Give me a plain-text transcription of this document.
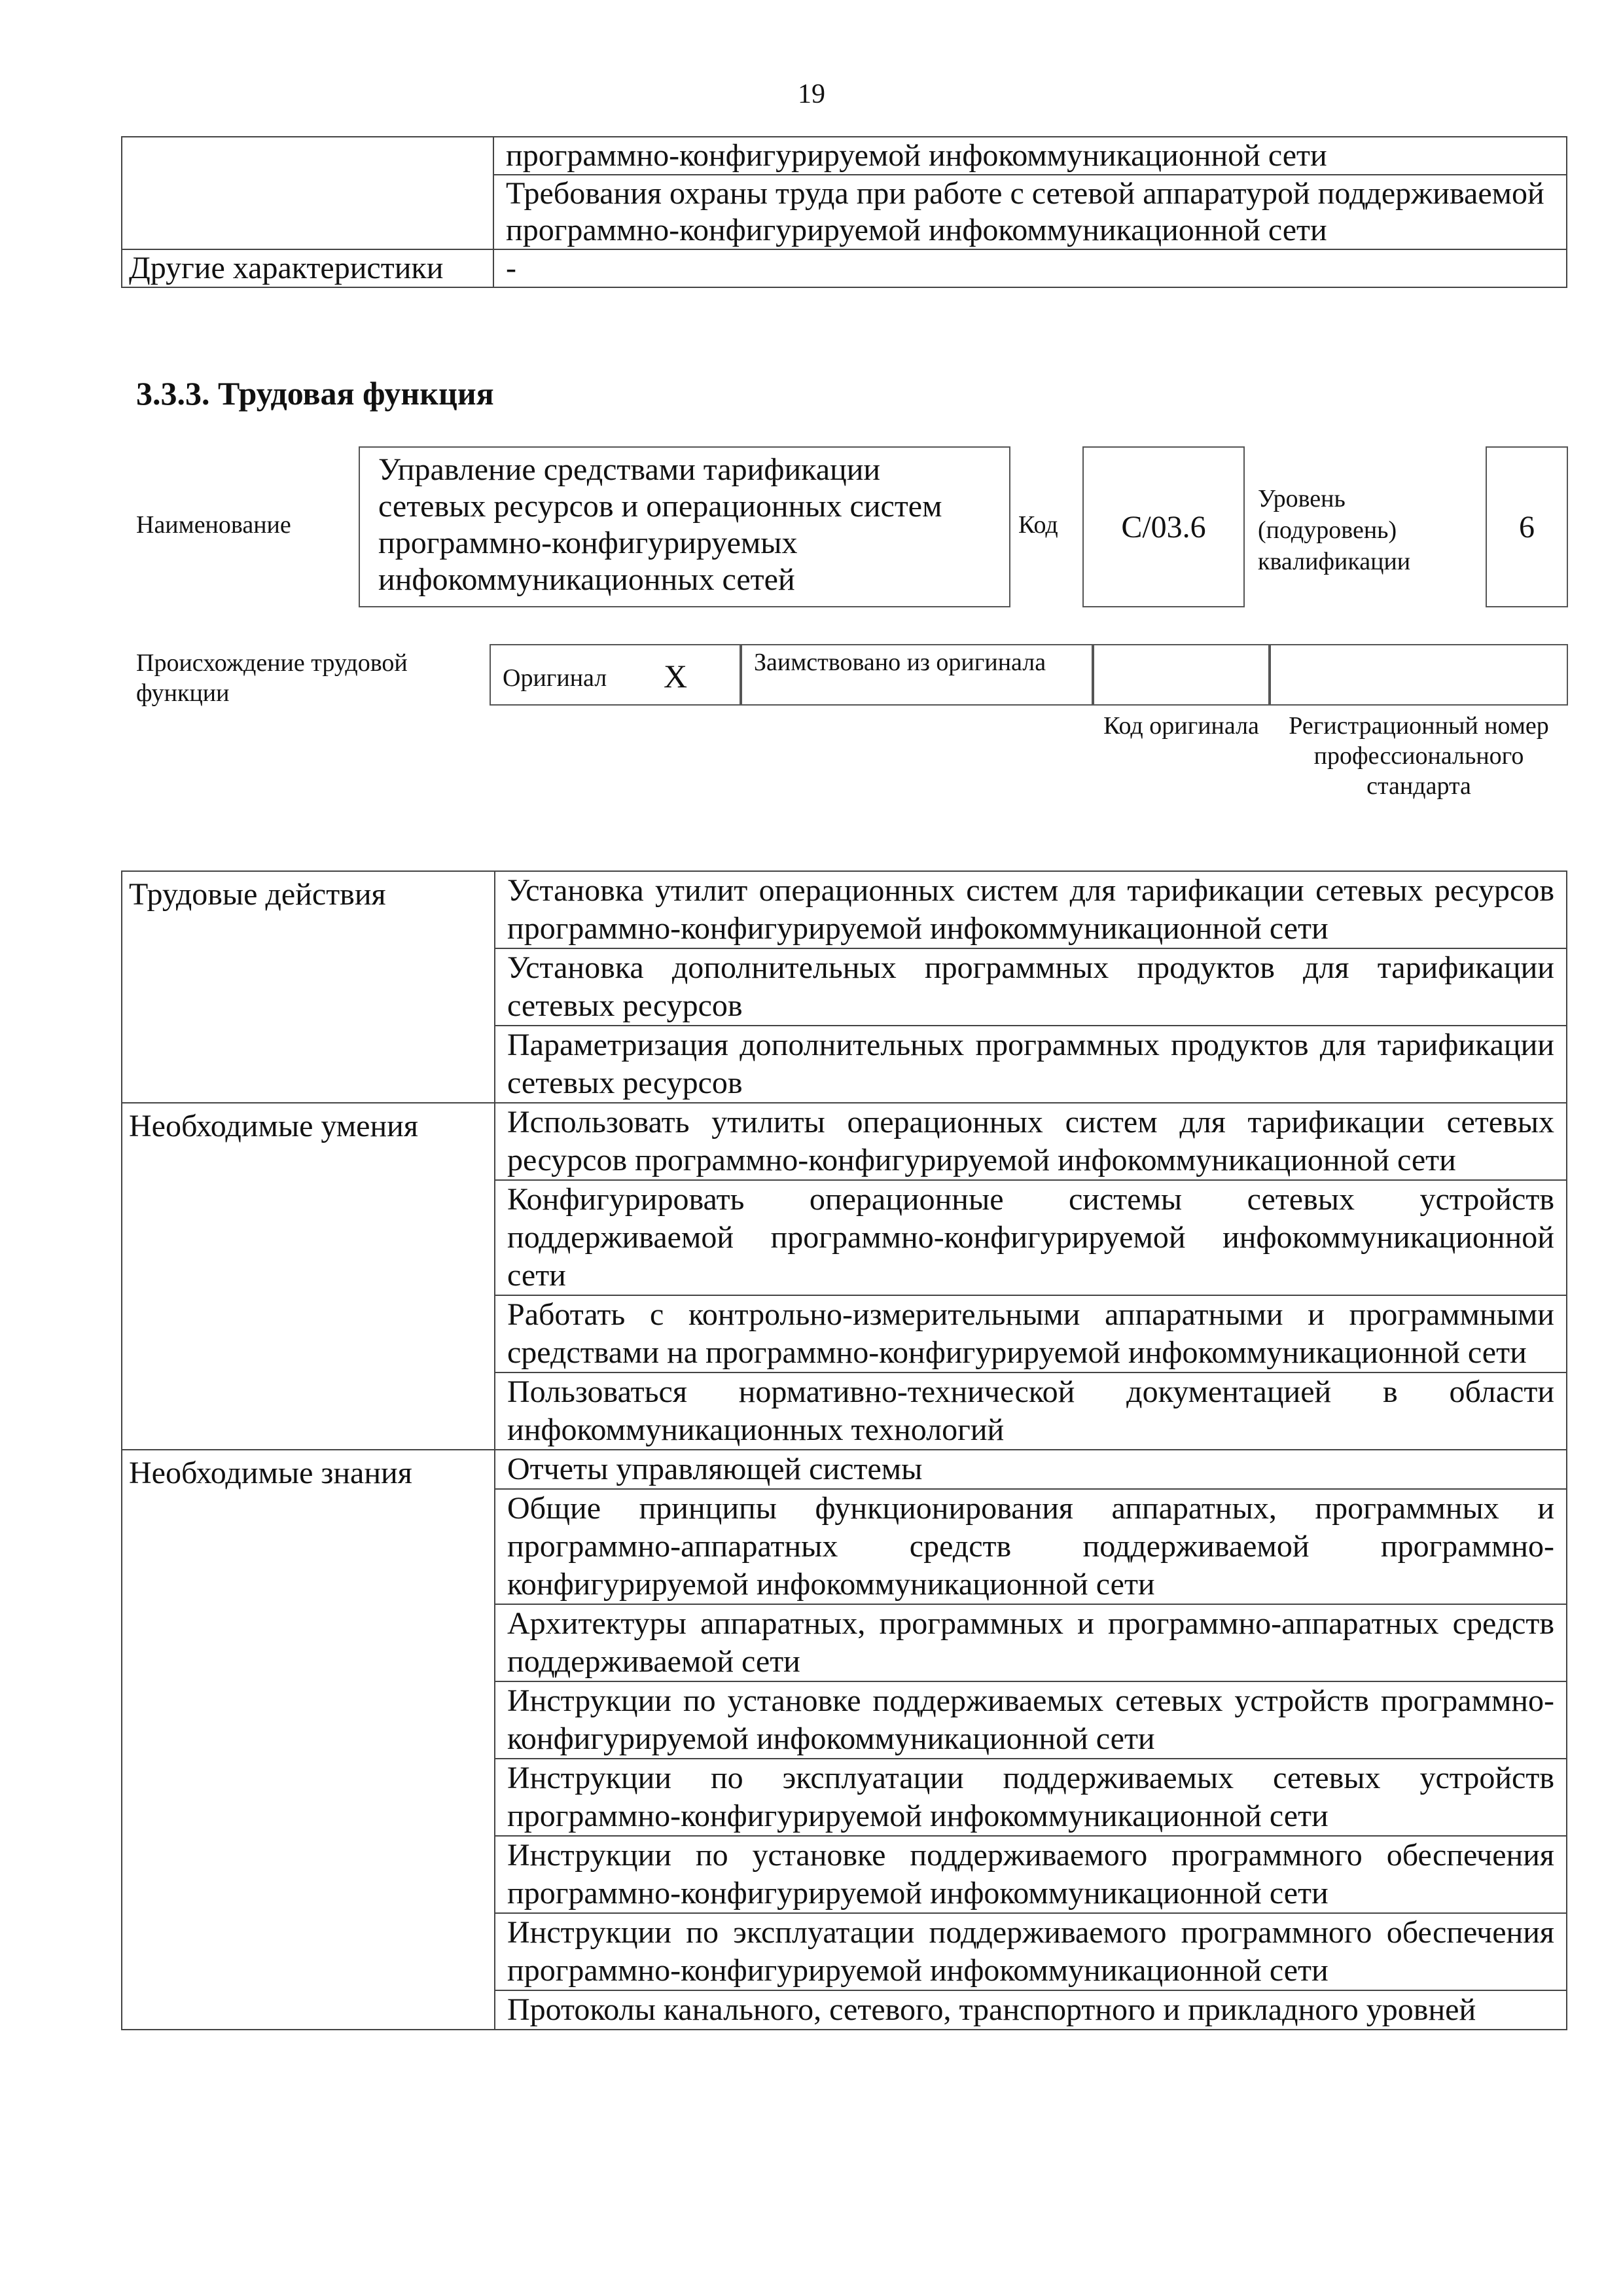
19
	программно-конфигурируемой инфокоммуникационной сети
	Требования охраны труда при работе с сетевой аппаратурой поддерживаемой программно-конфигурируемой инфокоммуникационной сети
Другие характеристики	-
3.3.3. Трудовая функция
Наименование
Управление средствами тарификации сетевых ресурсов и операционных систем программно-конфигурируемых инфокоммуникационных сетей
Код	С/03.6
Уровень (подуровень) квалификации
6
Происхождение трудовой функции
Оригинал X	Заимствовано из оригинала
Код оригинала	Регистрационный номер профессионального стандарта
Трудовые действия	Установка утилит операционных систем для тарификации сетевых ресурсов программно-конфигурируемой инфокоммуникационной сети
	Установка дополнительных программных продуктов для тарификации сетевых ресурсов
	Параметризация дополнительных программных продуктов для тарификации сетевых ресурсов
Необходимые умения	Использовать утилиты операционных систем для тарификации сетевых ресурсов программно-конфигурируемой инфокоммуникационной сети
	Конфигурировать операционные системы сетевых устройств поддерживаемой программно-конфигурируемой инфокоммуникационной сети
	Работать с контрольно-измерительными аппаратными и программными средствами на программно-конфигурируемой инфокоммуникационной сети
	Пользоваться нормативно-технической документацией в области инфокоммуникационных технологий
Необходимые знания	Отчеты управляющей системы
	Общие принципы функционирования аппаратных, программных и программно-аппаратных средств поддерживаемой программно-конфигурируемой инфокоммуникационной сети
	Архитектуры аппаратных, программных и программно-аппаратных средств поддерживаемой сети
	Инструкции по установке поддерживаемых сетевых устройств программно-конфигурируемой инфокоммуникационной сети
	Инструкции по эксплуатации поддерживаемых сетевых устройств программно-конфигурируемой инфокоммуникационной сети
	Инструкции по установке поддерживаемого программного обеспечения программно-конфигурируемой инфокоммуникационной сети
	Инструкции по эксплуатации поддерживаемого программного обеспечения программно-конфигурируемой инфокоммуникационной сети
	Протоколы канального, сетевого, транспортного и прикладного уровней
